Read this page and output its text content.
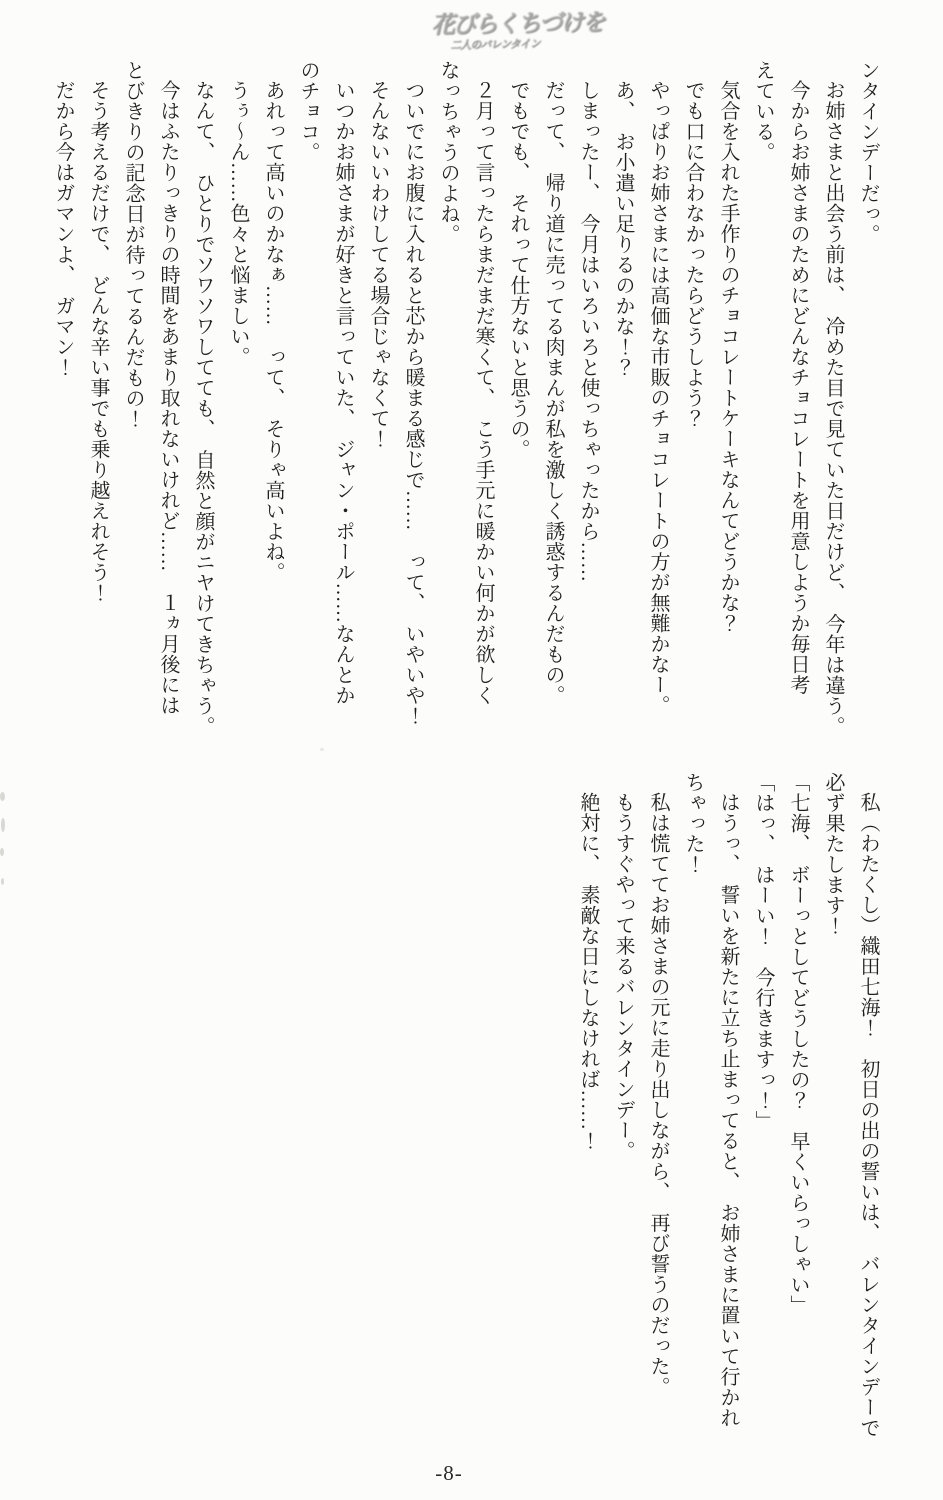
花びらくちづけを
二人のバレンタイン

ンタインデーだっ。

お姉さまと出会う前は、　冷めた目で見ていた日だけど、　今年は違う。

今からお姉さまのためにどんなチョコレートを用意しようか毎日考

えている。

気合を入れた手作りのチョコレートケーキなんてどうかな？

でも口に合わなかったらどうしよう？

やっぱりお姉さまには高価な市販のチョコレートの方が無難かなー。

あ、　お小遣い足りるのかな！？

しまったー、　今月はいろいろと使っちゃったから……

だって、　帰り道に売ってる肉まんが私を激しく誘惑するんだもの。

でもでも、　それって仕方ないと思うの。

２月って言ったらまだまだ寒くて、　こう手元に暖かい何かが欲しく

なっちゃうのよね。

ついでにお腹に入れると芯から暖まる感じで……　って、　いやいや！

そんないいわけしてる場合じゃなくて！

いつかお姉さまが好きと言っていた、　ジャン・ポール……なんとか

のチョコ。

あれって高いのかなぁ……　って、　そりゃ高いよね。

うぅ～ん……色々と悩ましい。

なんて、　ひとりでソワソワしてても、　自然と顔がニヤけてきちゃう。

今はふたりっきりの時間をあまり取れないけれど……　１ヵ月後には

とびきりの記念日が待ってるんだもの！

そう考えるだけで、　どんな辛い事でも乗り越えれそう！

だから今はガマンよ、　ガマン！

私（わたくし）織田七海！　初日の出の誓いは、　バレンタインデーで

必ず果たします！

「七海、　ボーっとしてどうしたの？　早くいらっしゃい」

「はっ、　はーい！　今行きますっ！」

はうっ、　誓いを新たに立ち止まってると、　お姉さまに置いて行かれ

ちゃった！

私は慌ててお姉さまの元に走り出しながら、　再び誓うのだった。

もうすぐやって来るバレンタインデー。

絶対に、　素敵な日にしなければ……！

-8-
